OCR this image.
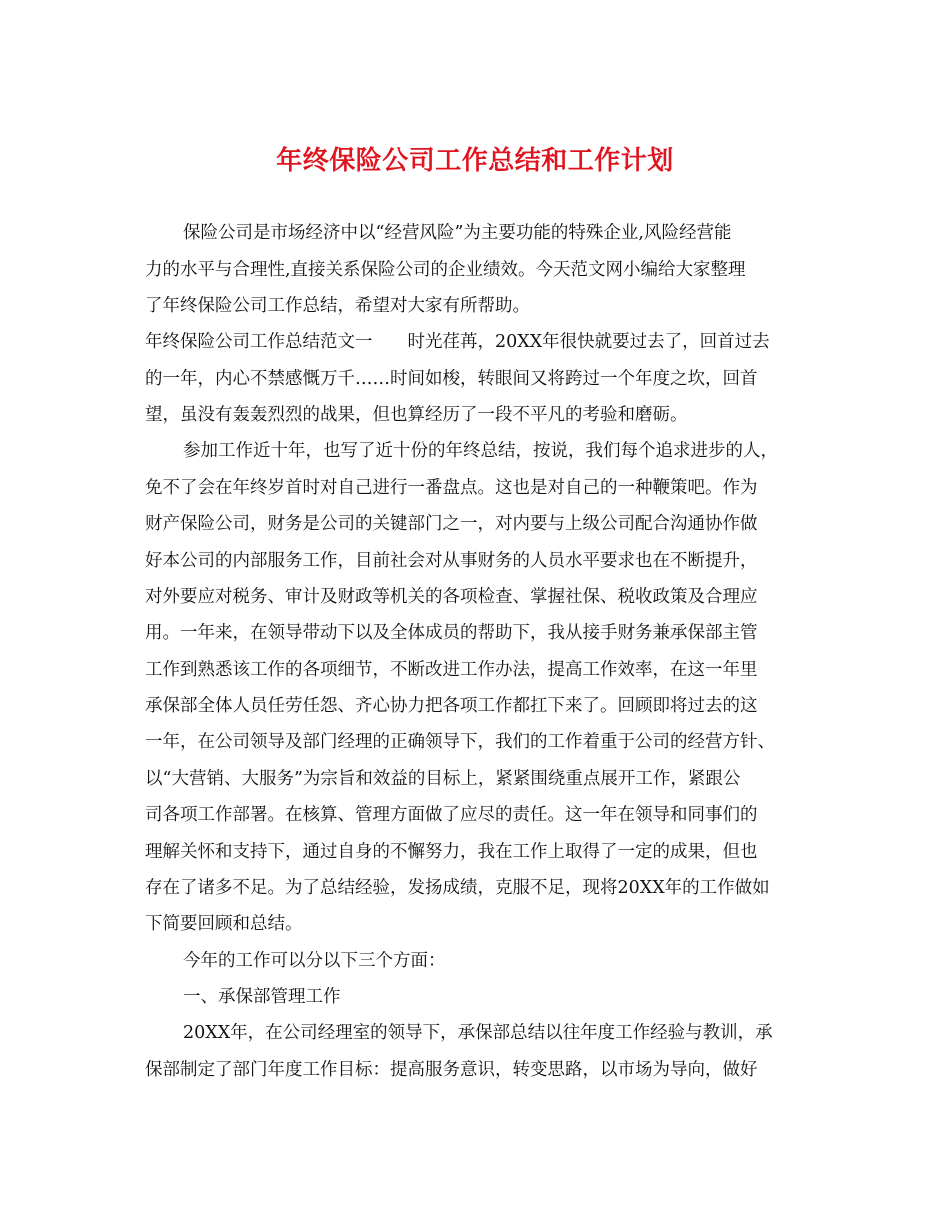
年终保险公司工作总结和工作计划
保险公司是市场经济中以“经营风险”为主要功能的特殊企业,风险经营能
力的水平与合理性,直接关系保险公司的企业绩效。今天范文网小编给大家整理
了年终保险公司工作总结，希望对大家有所帮助。
年终保险公司工作总结范文一　　时光荏苒，20XX年很快就要过去了，回首过去
的一年，内心不禁感慨万千……时间如梭，转眼间又将跨过一个年度之坎，回首
望，虽没有轰轰烈烈的战果，但也算经历了一段不平凡的考验和磨砺。
参加工作近十年，也写了近十份的年终总结，按说，我们每个追求进步的人，
免不了会在年终岁首时对自己进行一番盘点。这也是对自己的一种鞭策吧。作为
财产保险公司，财务是公司的关键部门之一，对内要与上级公司配合沟通协作做
好本公司的内部服务工作，目前社会对从事财务的人员水平要求也在不断提升，
对外要应对税务、审计及财政等机关的各项检查、掌握社保、税收政策及合理应
用。一年来，在领导带动下以及全体成员的帮助下，我从接手财务兼承保部主管
工作到熟悉该工作的各项细节，不断改进工作办法，提高工作效率，在这一年里
承保部全体人员任劳任怨、齐心协力把各项工作都扛下来了。回顾即将过去的这
一年，在公司领导及部门经理的正确领导下，我们的工作着重于公司的经营方针、
以“大营销、大服务”为宗旨和效益的目标上，紧紧围绕重点展开工作，紧跟公
司各项工作部署。在核算、管理方面做了应尽的责任。这一年在领导和同事们的
理解关怀和支持下，通过自身的不懈努力，我在工作上取得了一定的成果，但也
存在了诸多不足。为了总结经验，发扬成绩，克服不足，现将20XX年的工作做如
下简要回顾和总结。
今年的工作可以分以下三个方面：
一、承保部管理工作
20XX年，在公司经理室的领导下，承保部总结以往年度工作经验与教训，承
保部制定了部门年度工作目标：提高服务意识，转变思路，以市场为导向，做好
